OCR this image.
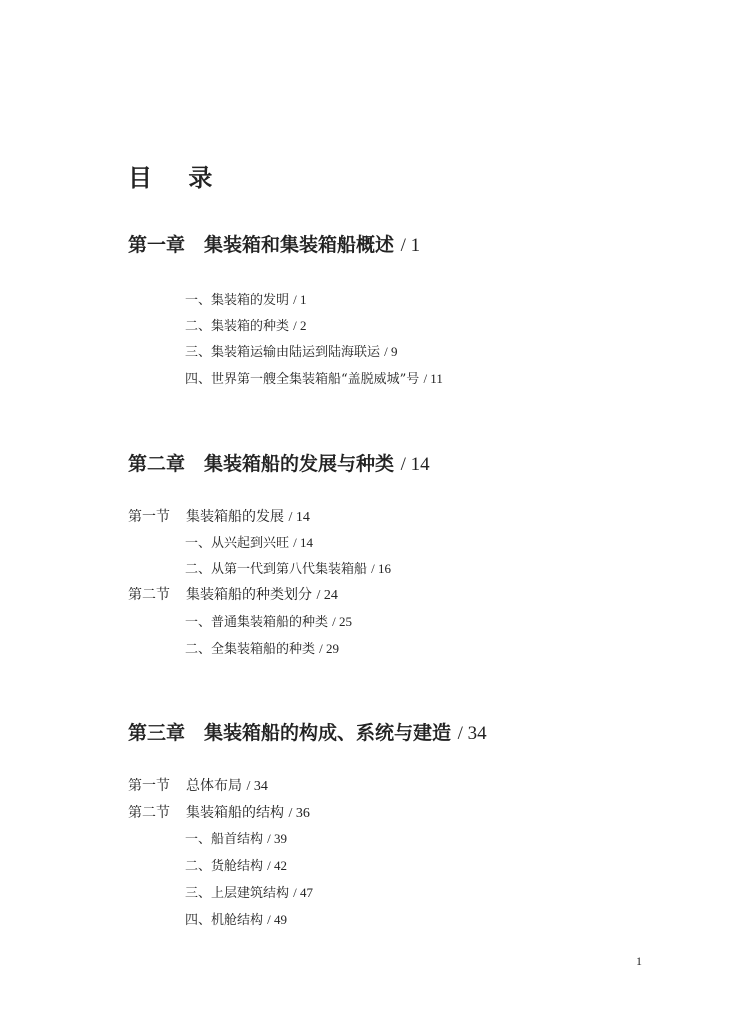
目 录
第一章　集装箱和集装箱船概述 / 1
一、集装箱的发明 / 1
二、集装箱的种类 / 2
三、集装箱运输由陆运到陆海联运 / 9
四、世界第一艘全集装箱船“盖脱威城”号 / 11
第二章　集装箱船的发展与种类 / 14
第一节 集装箱船的发展 / 14
一、从兴起到兴旺 / 14
二、从第一代到第八代集装箱船 / 16
第二节 集装箱船的种类划分 / 24
一、普通集装箱船的种类 / 25
二、全集装箱船的种类 / 29
第三章　集装箱船的构成、系统与建造 / 34
第一节 总体布局 / 34
第二节 集装箱船的结构 / 36
一、船首结构 / 39
二、货舱结构 / 42
三、上层建筑结构 / 47
四、机舱结构 / 49
1
